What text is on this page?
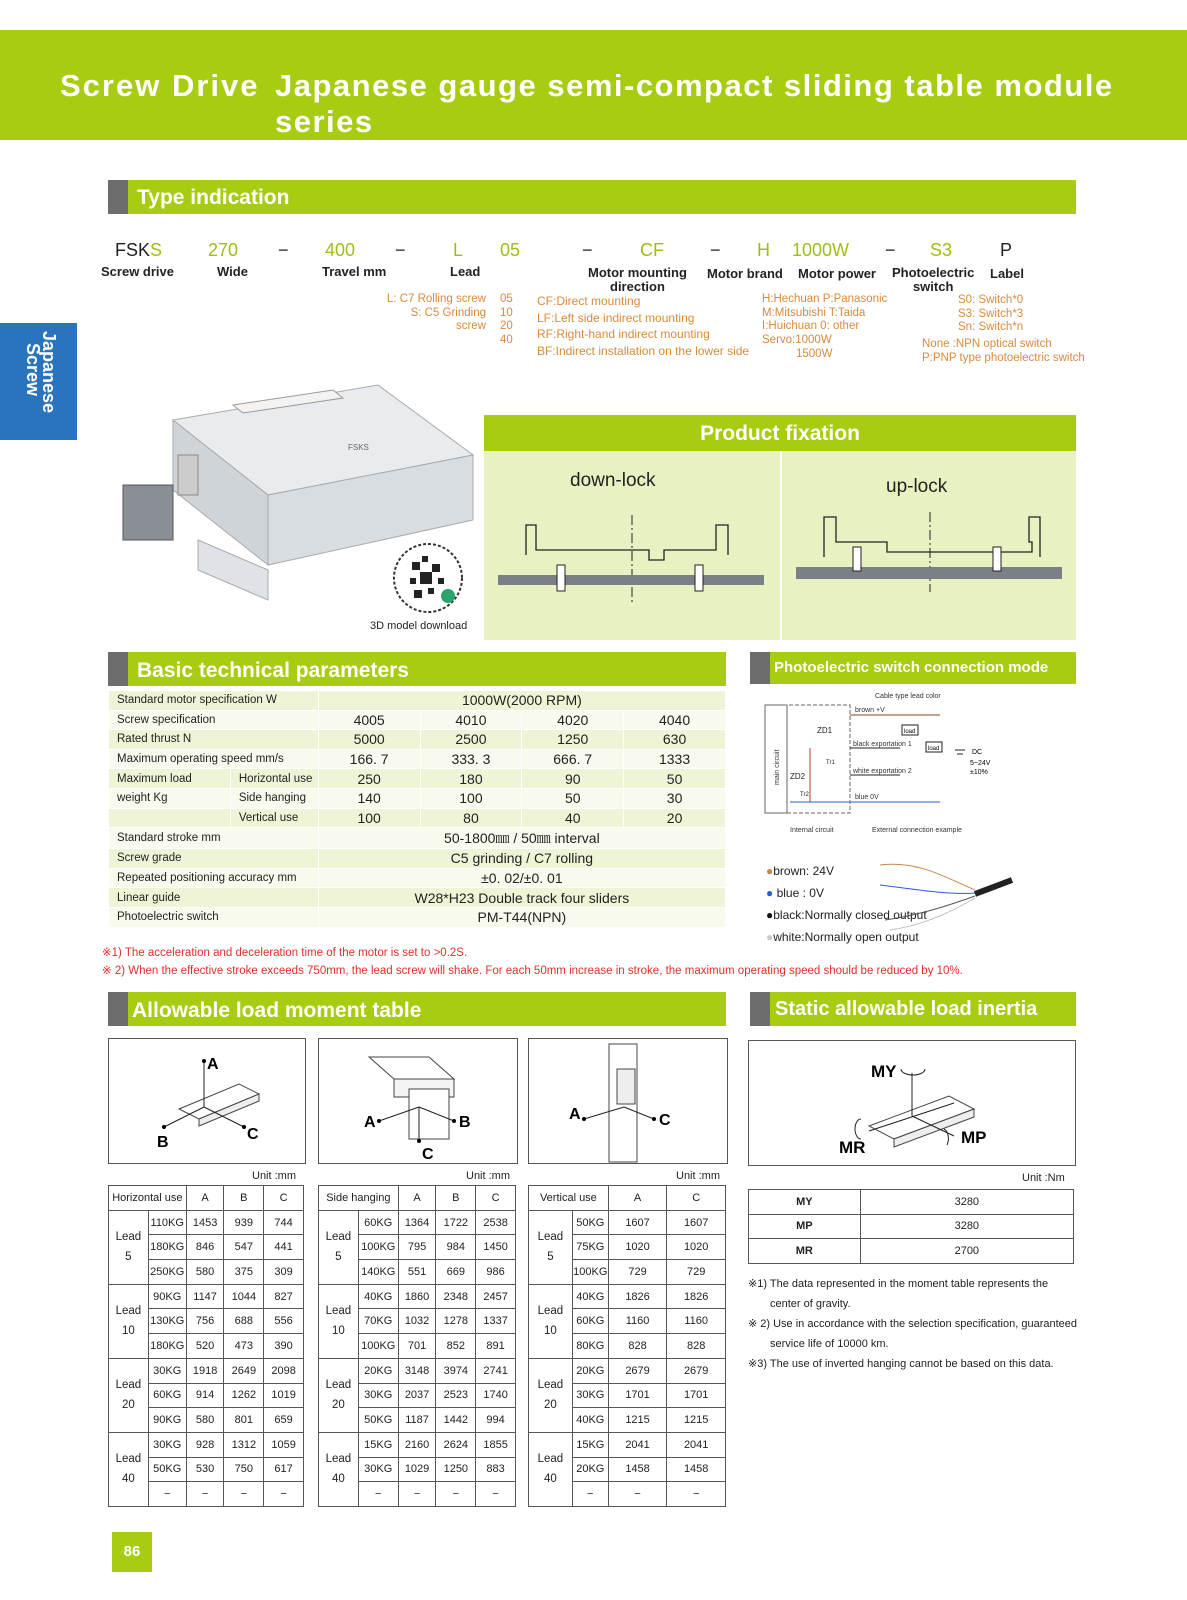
Screw Drive Japanese gauge semi-compact sliding table module series
Japanese
Screw
Type indication
FSKS	270 − 400 −	L 05	−	CF	− H 1000W − S3	P
Screw drive	Wide	Travel mm	Lead	Motor mounting
direction
Motor brand Motor power Photoelectric
switch
Label
L: C7 Rolling screw
S: C5 Grinding screw
05
10
20
40
CF:Direct mounting
LF:Left side indirect mounting
RF:Right-hand indirect mounting
BF:Indirect installation on the lower side
H:Hechuan P:Panasonic
M:Mitsubishi T:Taida
I:Huichuan 0: other
Servo:1000W
1500W
S0: Switch*0
S3: Switch*3
Sn: Switch*n
None :NPN optical switch
P:PNP type photoelectric switch
FSKS
3D model download
Product fixation
down-lock	up-lock
Basic technical parameters
Standard motor specification W		1000W(2000 RPM)			
Screw specification		4005	4010	4020	4040
Rated thrust N		5000	2500	1250	630
Maximum operating speed mm/s		166. 7	333. 3	666. 7	1333
Maximum load	Horizontal use	250	180	90	50
weight Kg	Side hanging	140	100	50	30
	Vertical use	100	80	40	20
Standard stroke mm		50-1800㎜ / 50㎜ interval			
Screw grade		C5 grinding / C7 rolling			
Repeated positioning accuracy mm		±0. 02/±0. 01			
Linear guide		W28*H23 Double track four sliders			
Photoelectric switch		PM-T44(NPN)			
※1) The acceleration and deceleration time of the motor is set to >0.2S.
※ 2) When the effective stroke exceeds 750mm, the lead screw will shake. For each 50mm increase in stroke, the maximum operating speed should be reduced by 10%.
Photoelectric switch connection mode
Cable type lead color
main circuit
brown +V
black exportation 1
white exportation 2
blue 0V
ZD1
ZD2
Tr1
Tr2
load
load	DC
5~24V
±10%
Internal circuit	External connection example
●brown: 24V
● blue : 0V
●black:Normally closed output
●white:Normally open output
Allowable load moment table
A
B	C
A	B
C
A	C
Unit :mm	Unit :mm	Unit :mm
Horizontal use		A	B	C
Lead
5	110KG	1453	939	744
	180KG	846	547	441
	250KG	580	375	309
Lead
10	90KG	1147	1044	827
	130KG	756	688	556
	180KG	520	473	390
Lead
20	30KG	1918	2649	2098
	60KG	914	1262	1019
	90KG	580	801	659
Lead
40	30KG	928	1312	1059
	50KG	530	750	617
	−	−	−	−
Side hanging		A	B	C
Lead
5	60KG	1364	1722	2538
	100KG	795	984	1450
	140KG	551	669	986
Lead
10	40KG	1860	2348	2457
	70KG	1032	1278	1337
	100KG	701	852	891
Lead
20	20KG	3148	3974	2741
	30KG	2037	2523	1740
	50KG	1187	1442	994
Lead
40	15KG	2160	2624	1855
	30KG	1029	1250	883
	−	−	−	−
Vertical use		A	C
Lead
5	50KG	1607	1607
	75KG	1020	1020
	100KG	729	729
Lead
10	40KG	1826	1826
	60KG	1160	1160
	80KG	828	828
Lead
20	20KG	2679	2679
	30KG	1701	1701
	40KG	1215	1215
Lead
40	15KG	2041	2041
	20KG	1458	1458
	−	−	−
Static allowable load inertia
MY
MR
MP
Unit :Nm
MY	3280
MP	3280
MR	2700
※1) The data represented in the moment table represents the
center of gravity.
※ 2) Use in accordance with the selection specification, guaranteed
service life of 10000 km.
※3) The use of inverted hanging cannot be based on this data.
86
